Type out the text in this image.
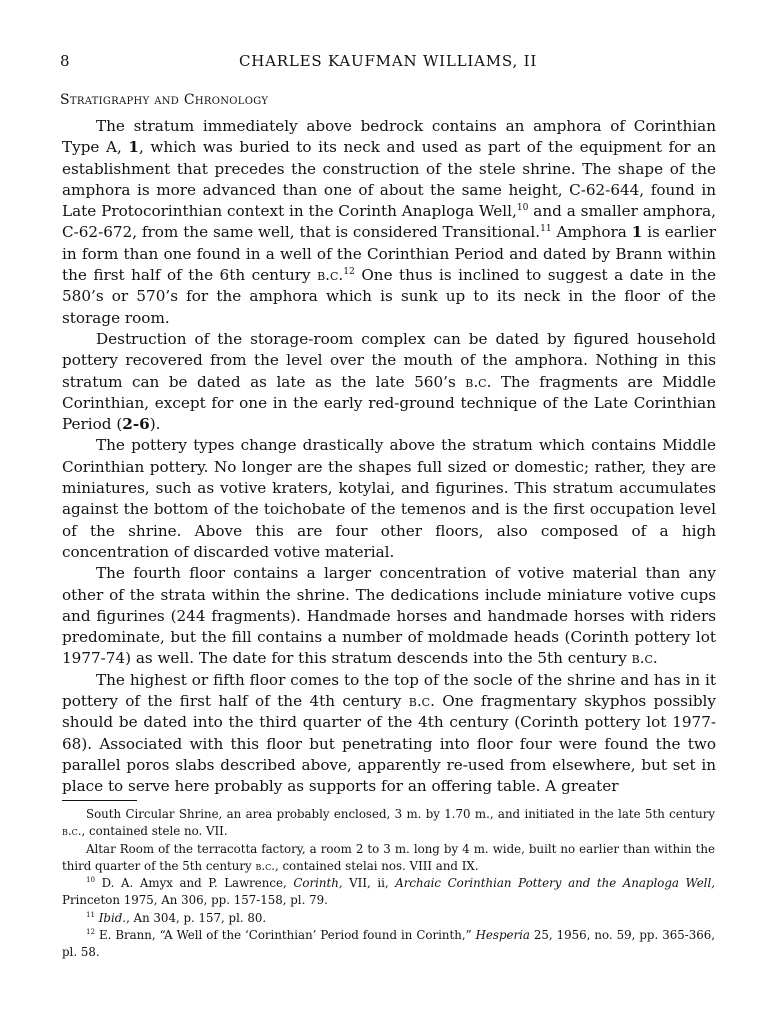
8	CHARLES KAUFMAN WILLIAMS, II
Stratigraphy and Chronology

The stratum immediately above bedrock contains an amphora of Corinthian Type A, 1, which was buried to its neck and used as part of the equipment for an establishment that precedes the construction of the stele shrine. The shape of the amphora is more advanced than one of about the same height, C-62-644, found in Late Protocorinthian context in the Corinth Anaploga Well,$^{10}$ and a smaller amphora, C-62-672, from the same well, that is considered Transitional.$^{11}$ Amphora 1 is earlier in form than one found in a well of the Corinthian Period and dated by Brann within the first half of the 6th century b.c.$^{12}$ One thus is inclined to suggest a date in the 580’s or 570’s for the amphora which is sunk up to its neck in the floor of the storage room.

Destruction of the storage-room complex can be dated by figured household pottery recovered from the level over the mouth of the amphora. Nothing in this stratum can be dated as late as the late 560’s b.c. The fragments are Middle Corinthian, except for one in the early red-ground technique of the Late Corinthian Period (2-6).

The pottery types change drastically above the stratum which contains Middle Corinthian pottery. No longer are the shapes full sized or domestic; rather, they are miniatures, such as votive kraters, kotylai, and figurines. This stratum accumulates against the bottom of the toichobate of the temenos and is the first occupation level of the shrine. Above this are four other floors, also composed of a high concentration of discarded votive material.

The fourth floor contains a larger concentration of votive material than any other of the strata within the shrine. The dedications include miniature votive cups and figurines (244 fragments). Handmade horses and handmade horses with riders predominate, but the fill contains a number of moldmade heads (Corinth pottery lot 1977-74) as well. The date for this stratum descends into the 5th century b.c.

The highest or fifth floor comes to the top of the socle of the shrine and has in it pottery of the first half of the 4th century b.c. One fragmentary skyphos possibly should be dated into the third quarter of the 4th century (Corinth pottery lot 1977-68). Associated with this floor but penetrating into floor four were found the two parallel poros slabs described above, apparently re-used from elsewhere, but set in place to serve here probably as supports for an offering table. A greater

South Circular Shrine, an area probably enclosed, 3 m. by 1.70 m., and initiated in the late 5th century b.c., contained stele no. VII.

Altar Room of the terracotta factory, a room 2 to 3 m. long by 4 m. wide, built no earlier than within the third quarter of the 5th century b.c., contained stelai nos. VIII and IX.

$^{10}$ D. A. Amyx and P. Lawrence, Corinth, VII, ii, Archaic Corinthian Pottery and the Anaploga Well, Princeton 1975, An 306, pp. 157-158, pl. 79.

$^{11}$ Ibid., An 304, p. 157, pl. 80.

$^{12}$ E. Brann, “A Well of the ‘Corinthian’ Period found in Corinth,” Hesperia 25, 1956, no. 59, pp. 365-366, pl. 58.
